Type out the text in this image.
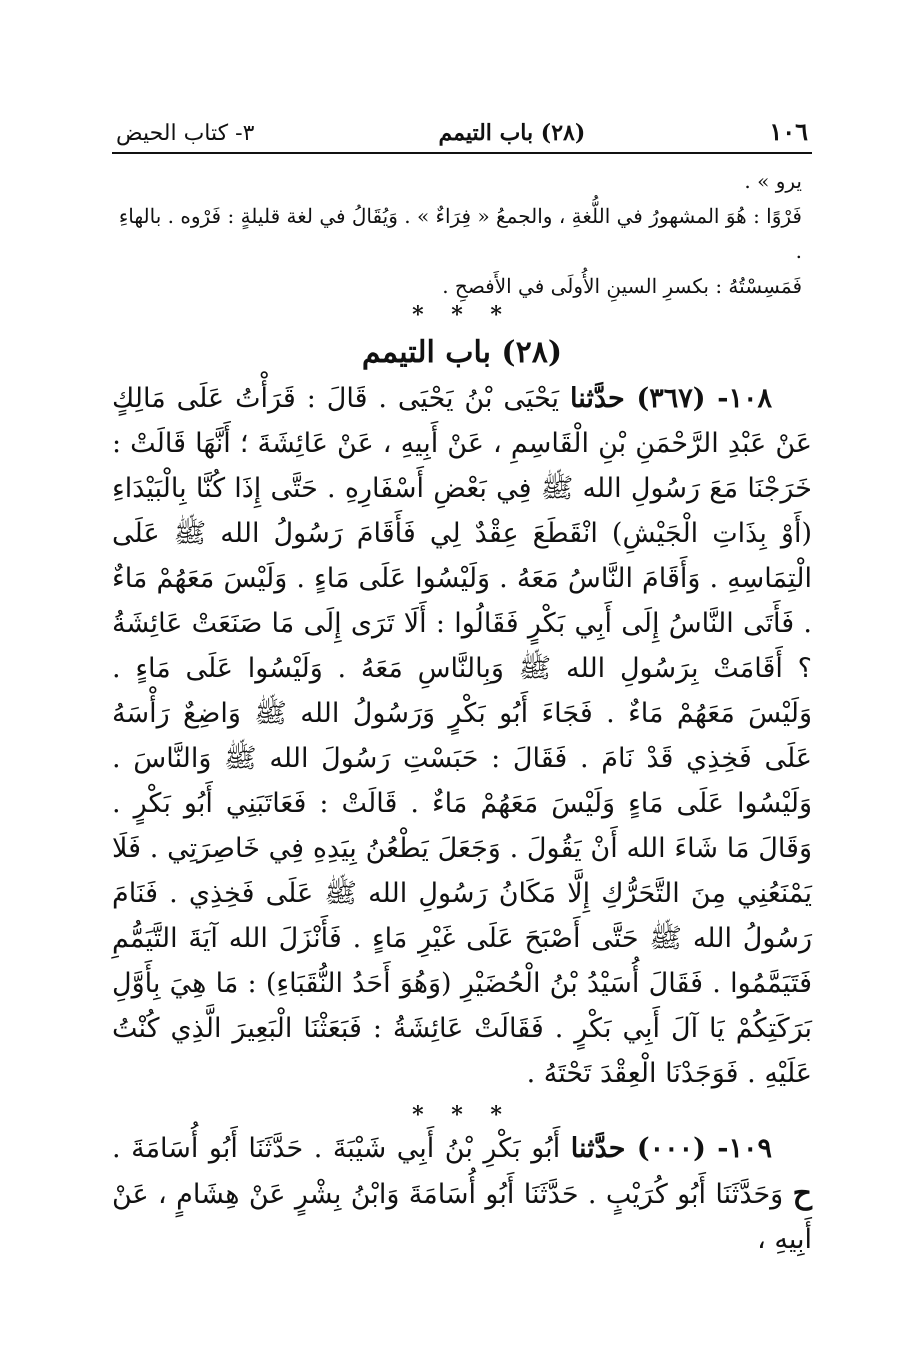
١٠٦
(٢٨) باب التيمم
٣- كتاب الحيض

يرو » .

فَرْوًا : هُوَ المشهورُ في اللُّغةِ ، والجمعُ « فِرَاءٌ » . وَيُقَالُ في لغة قليلةٍ : فَرْوه . بالهاءِ .

فَمَسِسْتُهُ : بكسرِ السينِ الأُولَى في الأَفصحِ .

* * *
(٢٨) باب التيمم

١٠٨- (٣٦٧) حدَّثنا يَحْيَى بْنُ يَحْيَى . قَالَ : قَرَأْتُ عَلَى مَالِكٍ عَنْ عَبْدِ الرَّحْمَنِ بْنِ الْقَاسِمِ ، عَنْ أَبِيهِ ، عَنْ عَائِشَةَ ؛ أَنَّهَا قَالَتْ : خَرَجْنَا مَعَ رَسُولِ الله ﷺ فِي بَعْضِ أَسْفَارِهِ . حَتَّى إِذَا كُنَّا بِالْبَيْدَاءِ (أَوْ بِذَاتِ الْجَيْشِ) انْقَطَعَ عِقْدٌ لِي فَأَقَامَ رَسُولُ الله ﷺ عَلَى الْتِمَاسِهِ . وَأَقَامَ النَّاسُ مَعَهُ . وَلَيْسُوا عَلَى مَاءٍ . وَلَيْسَ مَعَهُمْ مَاءٌ . فَأَتَى النَّاسُ إِلَى أَبِي بَكْرٍ فَقَالُوا : أَلَا تَرَى إِلَى مَا صَنَعَتْ عَائِشَةُ ؟ أَقَامَتْ بِرَسُولِ الله ﷺ وَبِالنَّاسِ مَعَهُ . وَلَيْسُوا عَلَى مَاءٍ . وَلَيْسَ مَعَهُمْ مَاءٌ . فَجَاءَ أَبُو بَكْرٍ وَرَسُولُ الله ﷺ وَاضِعٌ رَأْسَهُ عَلَى فَخِذِي قَدْ نَامَ . فَقَالَ : حَبَسْتِ رَسُولَ الله ﷺ وَالنَّاسَ . وَلَيْسُوا عَلَى مَاءٍ وَلَيْسَ مَعَهُمْ مَاءٌ . قَالَتْ : فَعَاتَبَنِي أَبُو بَكْرٍ . وَقَالَ مَا شَاءَ الله أَنْ يَقُولَ . وَجَعَلَ يَطْعُنُ بِيَدِهِ فِي خَاصِرَتِي . فَلَا يَمْنَعُنِي مِنَ التَّحَرُّكِ إِلَّا مَكَانُ رَسُولِ الله ﷺ عَلَى فَخِذِي . فَنَامَ رَسُولُ الله ﷺ حَتَّى أَصْبَحَ عَلَى غَيْرِ مَاءٍ . فَأَنْزَلَ الله آيَةَ التَّيَمُّمِ فَتَيَمَّمُوا . فَقَالَ أُسَيْدُ بْنُ الْحُضَيْرِ (وَهُوَ أَحَدُ النُّقَبَاءِ) : مَا هِيَ بِأَوَّلِ بَرَكَتِكُمْ يَا آلَ أَبِي بَكْرٍ . فَقَالَتْ عَائِشَةُ : فَبَعَثْنَا الْبَعِيرَ الَّذِي كُنْتُ عَلَيْهِ . فَوَجَدْنَا الْعِقْدَ تَحْتَهُ .

* * *

١٠٩- (٠٠٠) حدَّثنا أَبُو بَكْرِ بْنُ أَبِي شَيْبَةَ . حَدَّثَنَا أَبُو أُسَامَةَ . ح وَحَدَّثَنَا أَبُو كُرَيْبٍ . حَدَّثَنَا أَبُو أُسَامَةَ وَابْنُ بِشْرٍ عَنْ هِشَامٍ ، عَنْ أَبِيهِ ،
